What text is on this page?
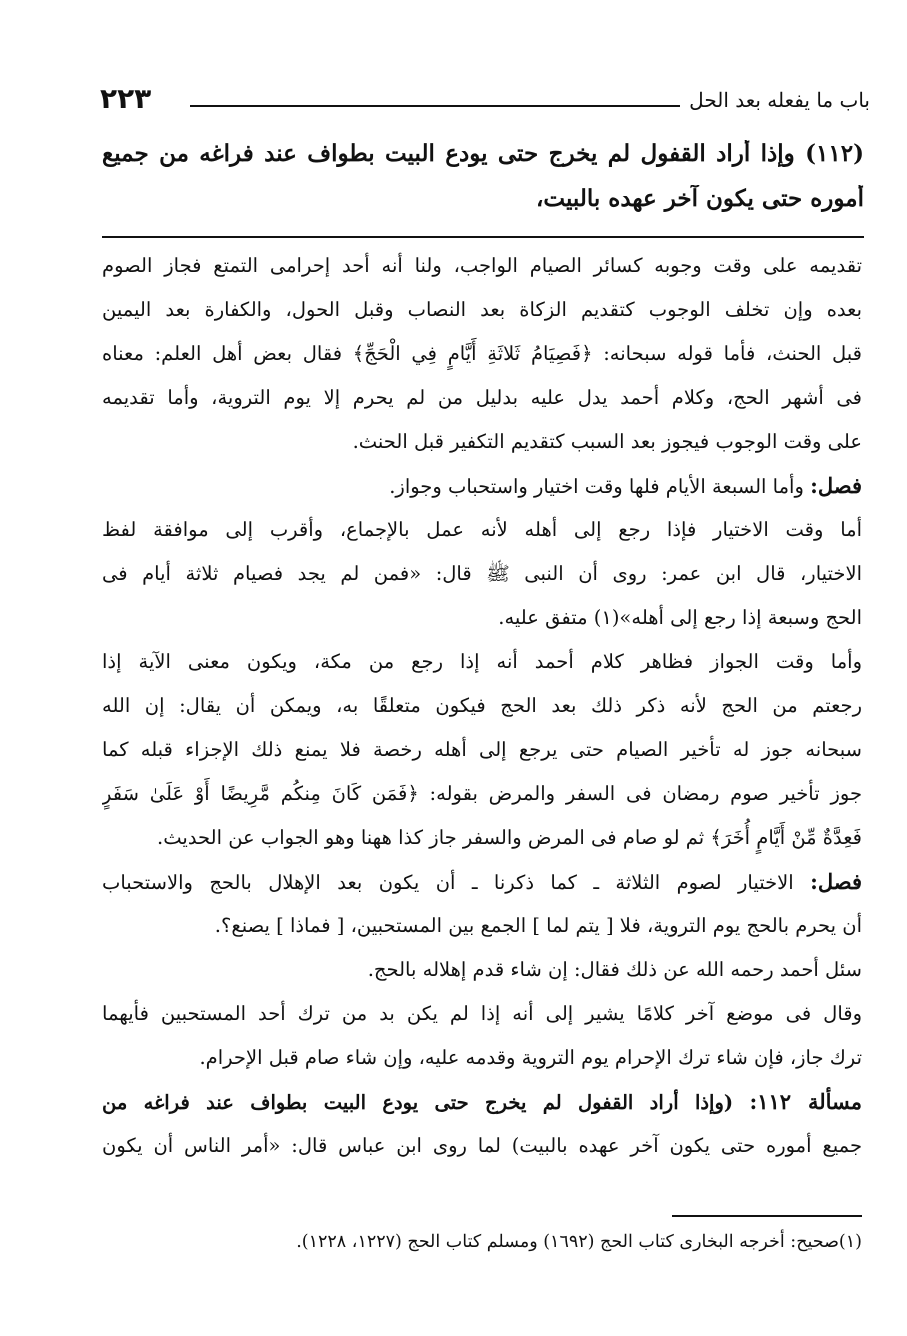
باب ما يفعله بعد الحل
٢٢٣
(١١٢) وإذا أراد القفول لم يخرج حتى يودع البيت بطواف عند فراغه من جميع
أموره حتى يكون آخر عهده بالبيت،
تقديمه على وقت وجوبه كسائر الصيام الواجب، ولنا أنه أحد إحرامى التمتع فجاز الصوم
بعده وإن تخلف الوجوب كتقديم الزكاة بعد النصاب وقبل الحول، والكفارة بعد اليمين
قبل الحنث، فأما قوله سبحانه: ﴿فَصِيَامُ ثَلاثَةِ أَيَّامٍ فِي الْحَجِّ﴾ فقال بعض أهل العلم: معناه
فى أشهر الحج، وكلام أحمد يدل عليه بدليل من لم يحرم إلا يوم التروية، وأما تقديمه
على وقت الوجوب فيجوز بعد السبب كتقديم التكفير قبل الحنث.
فصل: وأما السبعة الأيام فلها وقت اختيار واستحباب وجواز.
أما وقت الاختيار فإذا رجع إلى أهله لأنه عمل بالإجماع، وأقرب إلى موافقة لفظ
الاختيار، قال ابن عمر: روى أن النبى ﷺ قال: «فمن لم يجد فصيام ثلاثة أيام فى
الحج وسبعة إذا رجع إلى أهله»(١) متفق عليه.
وأما وقت الجواز فظاهر كلام أحمد أنه إذا رجع من مكة، ويكون معنى الآية إذا
رجعتم من الحج لأنه ذكر ذلك بعد الحج فيكون متعلقًا به، ويمكن أن يقال: إن الله
سبحانه جوز له تأخير الصيام حتى يرجع إلى أهله رخصة فلا يمنع ذلك الإجزاء قبله كما
جوز تأخير صوم رمضان فى السفر والمرض بقوله: ﴿فَمَن كَانَ مِنكُم مَّرِيضًا أَوْ عَلَىٰ سَفَرٍ
فَعِدَّةٌ مِّنْ أَيَّامٍ أُخَرَ﴾ ثم لو صام فى المرض والسفر جاز كذا ههنا وهو الجواب عن الحديث.
فصل: الاختيار لصوم الثلاثة ـ كما ذكرنا ـ أن يكون بعد الإهلال بالحج والاستحباب
أن يحرم بالحج يوم التروية، فلا [ يتم لما ] الجمع بين المستحبين، [ فماذا ] يصنع؟.
سئل أحمد رحمه الله عن ذلك فقال: إن شاء قدم إهلاله بالحج.
وقال فى موضع آخر كلامًا يشير إلى أنه إذا لم يكن بد من ترك أحد المستحبين فأيهما
ترك جاز، فإن شاء ترك الإحرام يوم التروية وقدمه عليه، وإن شاء صام قبل الإحرام.
مسألة ١١٢: (وإذا أراد القفول لم يخرج حتى يودع البيت بطواف عند فراغه من
جميع أموره حتى يكون آخر عهده بالبيت) لما روى ابن عباس قال: «أمر الناس أن يكون
(١)صحيح: أخرجه البخارى كتاب الحج (١٦٩٢) ومسلم كتاب الحج (١٢٢٧، ١٢٢٨).
